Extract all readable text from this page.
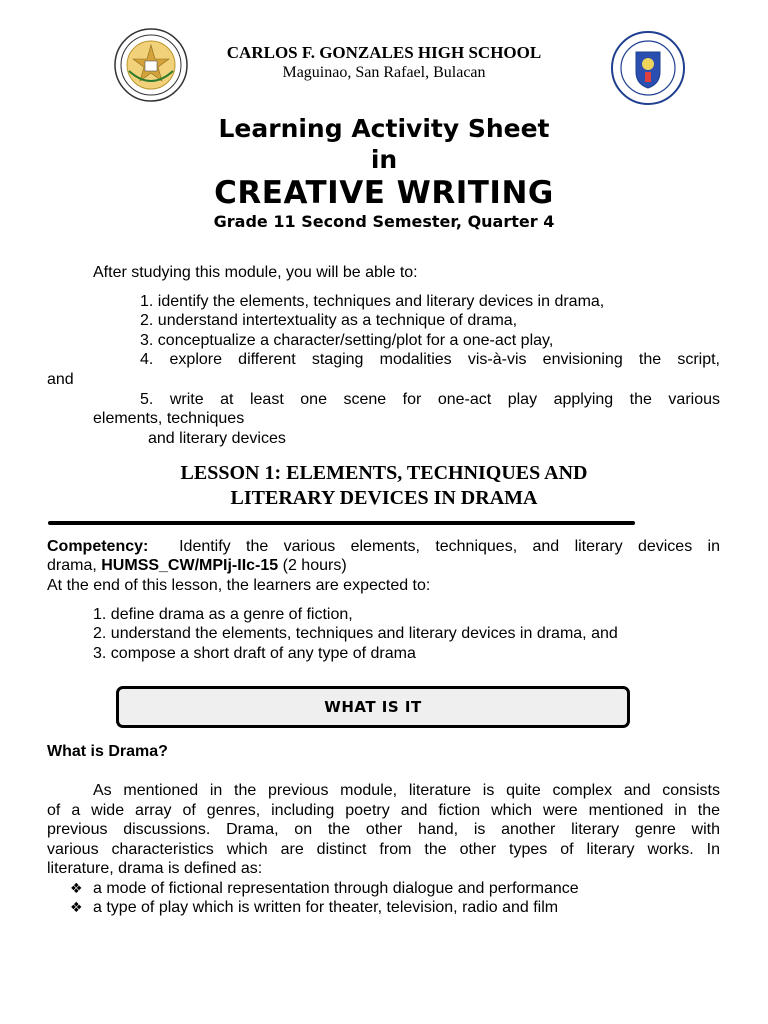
CARLOS F. GONZALES HIGH SCHOOL
Maguinao, San Rafael, Bulacan
Learning Activity Sheet
in
CREATIVE WRITING
Grade 11 Second Semester, Quarter 4
After studying this module, you will be able to:
1. identify the elements, techniques and literary devices in drama,
2. understand intertextuality as a technique of drama,
3. conceptualize a character/setting/plot for a one-act play,
4. explore different staging modalities vis-à-vis envisioning the script,
and
5. write at least one scene for one-act play applying the various
elements, techniques
and literary devices
LESSON 1: ELEMENTS, TECHNIQUES AND
LITERARY DEVICES IN DRAMA
Competency: Identify the various elements, techniques, and literary devices in
drama, HUMSS_CW/MPIj-IIc-15 (2 hours)
At the end of this lesson, the learners are expected to:
1. define drama as a genre of fiction,
2. understand the elements, techniques and literary devices in drama, and
3. compose a short draft of any type of drama
WHAT IS IT
What is Drama?
As mentioned in the previous module, literature is quite complex and consists
of a wide array of genres, including poetry and fiction which were mentioned in the
previous discussions. Drama, on the other hand, is another literary genre with
various characteristics which are distinct from the other types of literary works. In
literature, drama is defined as:
❖ a mode of fictional representation through dialogue and performance
❖ a type of play which is written for theater, television, radio and film
